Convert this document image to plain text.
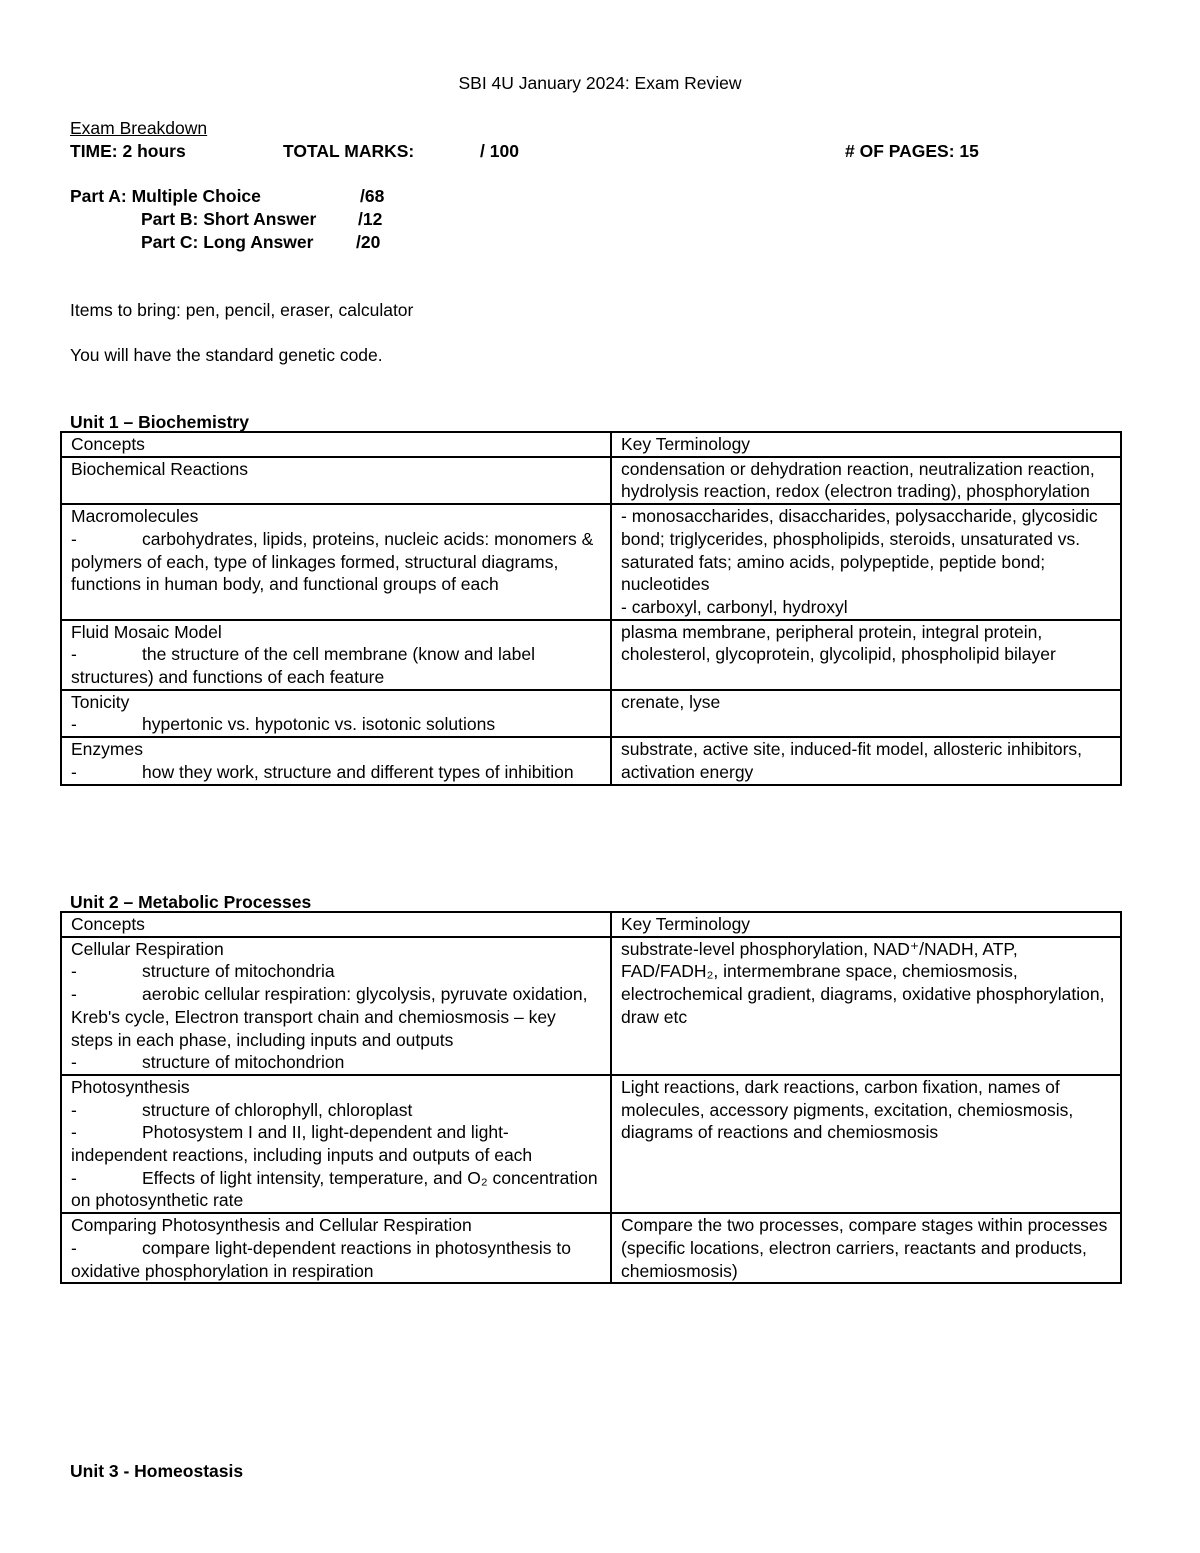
SBI 4U January 2024: Exam Review
Exam Breakdown
TIME: 2 hours	TOTAL MARKS:	/ 100	# OF PAGES: 15
Part A: Multiple Choice	/68
Part B: Short Answer /12
Part C: Long Answer /20
Items to bring: pen, pencil, eraser, calculator
You will have the standard genetic code.
Unit 1 – Biochemistry
Concepts	Key Terminology

Biochemical Reactions	condensation or dehydration reaction, neutralization reaction, hydrolysis reaction, redox (electron trading), phosphorylation

Macromolecules
- carbohydrates, lipids, proteins, nucleic acids: monomers & polymers of each, type of linkages formed, structural diagrams, functions in human body, and functional groups of each	- monosaccharides, disaccharides, polysaccharide, glycosidic bond; triglycerides, phospholipids, steroids, unsaturated vs. saturated fats; amino acids, polypeptide, peptide bond; nucleotides
- carboxyl, carbonyl, hydroxyl

Fluid Mosaic Model
- the structure of the cell membrane (know and label structures) and functions of each feature	plasma membrane, peripheral protein, integral protein, cholesterol, glycoprotein, glycolipid, phospholipid bilayer

Tonicity
- hypertonic vs. hypotonic vs. isotonic solutions	crenate, lyse

Enzymes
- how they work, structure and different types of inhibition	substrate, active site, induced-fit model, allosteric inhibitors, activation energy
Unit 2 – Metabolic Processes
Concepts	Key Terminology

Cellular Respiration
- structure of mitochondria
- aerobic cellular respiration: glycolysis, pyruvate oxidation, Kreb's cycle, Electron transport chain and chemiosmosis – key steps in each phase, including inputs and outputs
- structure of mitochondrion	substrate-level phosphorylation, NAD⁺/NADH, ATP, FAD/FADH₂, intermembrane space, chemiosmosis, electrochemical gradient, diagrams, oxidative phosphorylation, draw etc

Photosynthesis
- structure of chlorophyll, chloroplast
- Photosystem I and II, light-dependent and light-independent reactions, including inputs and outputs of each
- Effects of light intensity, temperature, and O₂ concentration on photosynthetic rate	Light reactions, dark reactions, carbon fixation, names of molecules, accessory pigments, excitation, chemiosmosis, diagrams of reactions and chemiosmosis

Comparing Photosynthesis and Cellular Respiration
- compare light-dependent reactions in photosynthesis to oxidative phosphorylation in respiration	Compare the two processes, compare stages within processes (specific locations, electron carriers, reactants and products, chemiosmosis)
Unit 3 - Homeostasis
